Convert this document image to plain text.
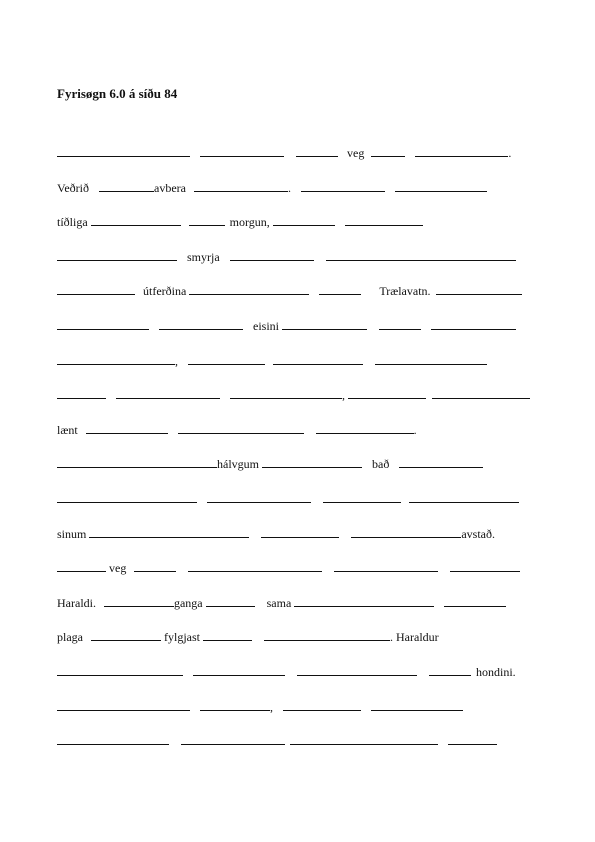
Fyrisøgn 6.0 á síðu 84
veg	.
Veðrið	avbera	.
tíðliga	morgun,
smyrja
útferðina	Trælavatn.
eisini
,
,
lænt	.
hálvgum	bað
sinum	avstað.
veg
Haraldi.	ganga	sama
plaga	fylgjast	. Haraldur
hondini.
,
